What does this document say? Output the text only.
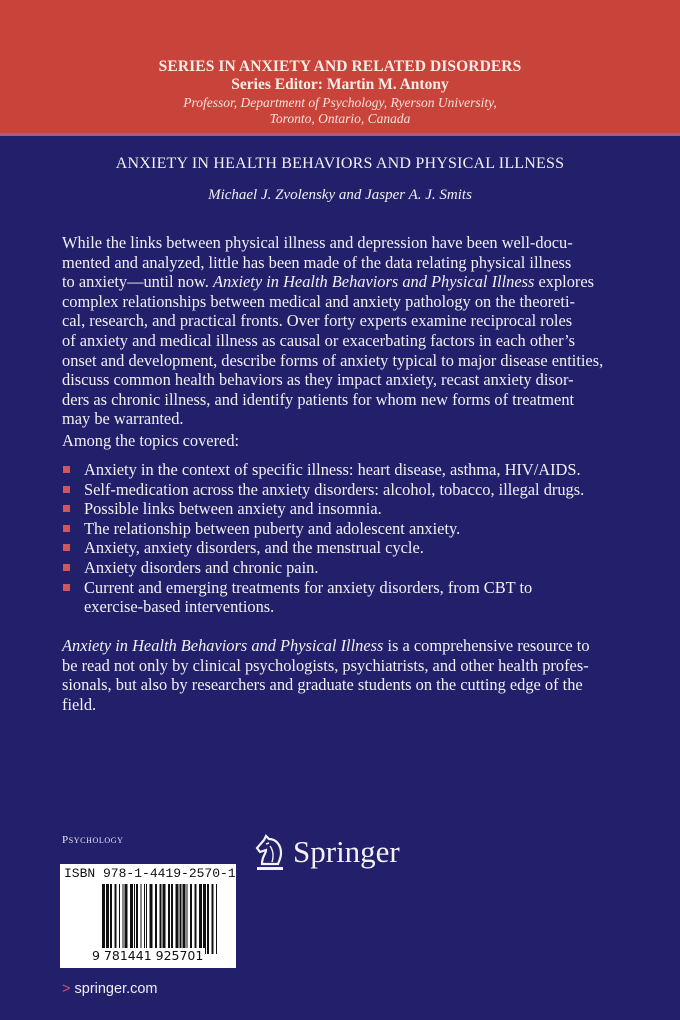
SERIES IN ANXIETY AND RELATED DISORDERS
Series Editor: Martin M. Antony
Professor, Department of Psychology, Ryerson University,
Toronto, Ontario, Canada
ANXIETY IN HEALTH BEHAVIORS AND PHYSICAL ILLNESS
Michael J. Zvolensky and Jasper A. J. Smits
While the links between physical illness and depression have been well-docu-
mented and analyzed, little has been made of the data relating physical illness
to anxiety—until now. Anxiety in Health Behaviors and Physical Illness explores
complex relationships between medical and anxiety pathology on the theoreti-
cal, research, and practical fronts. Over forty experts examine reciprocal roles
of anxiety and medical illness as causal or exacerbating factors in each other’s
onset and development, describe forms of anxiety typical to major disease entities,
discuss common health behaviors as they impact anxiety, recast anxiety disor-
ders as chronic illness, and identify patients for whom new forms of treatment
may be warranted.
Among the topics covered:
Anxiety in the context of specific illness: heart disease, asthma, HIV/AIDS.
Self-medication across the anxiety disorders: alcohol, tobacco, illegal drugs.
Possible links between anxiety and insomnia.
The relationship between puberty and adolescent anxiety.
Anxiety, anxiety disorders, and the menstrual cycle.
Anxiety disorders and chronic pain.
Current and emerging treatments for anxiety disorders, from CBT to
exercise-based interventions.
Anxiety in Health Behaviors and Physical Illness is a comprehensive resource to
be read not only by clinical psychologists, psychiatrists, and other health profes-
sionals, but also by researchers and graduate students on the cutting edge of the
field.
Psychology
ISBN 978-1-4419-2570-1
9 781441 925701
Springer
> springer.com
